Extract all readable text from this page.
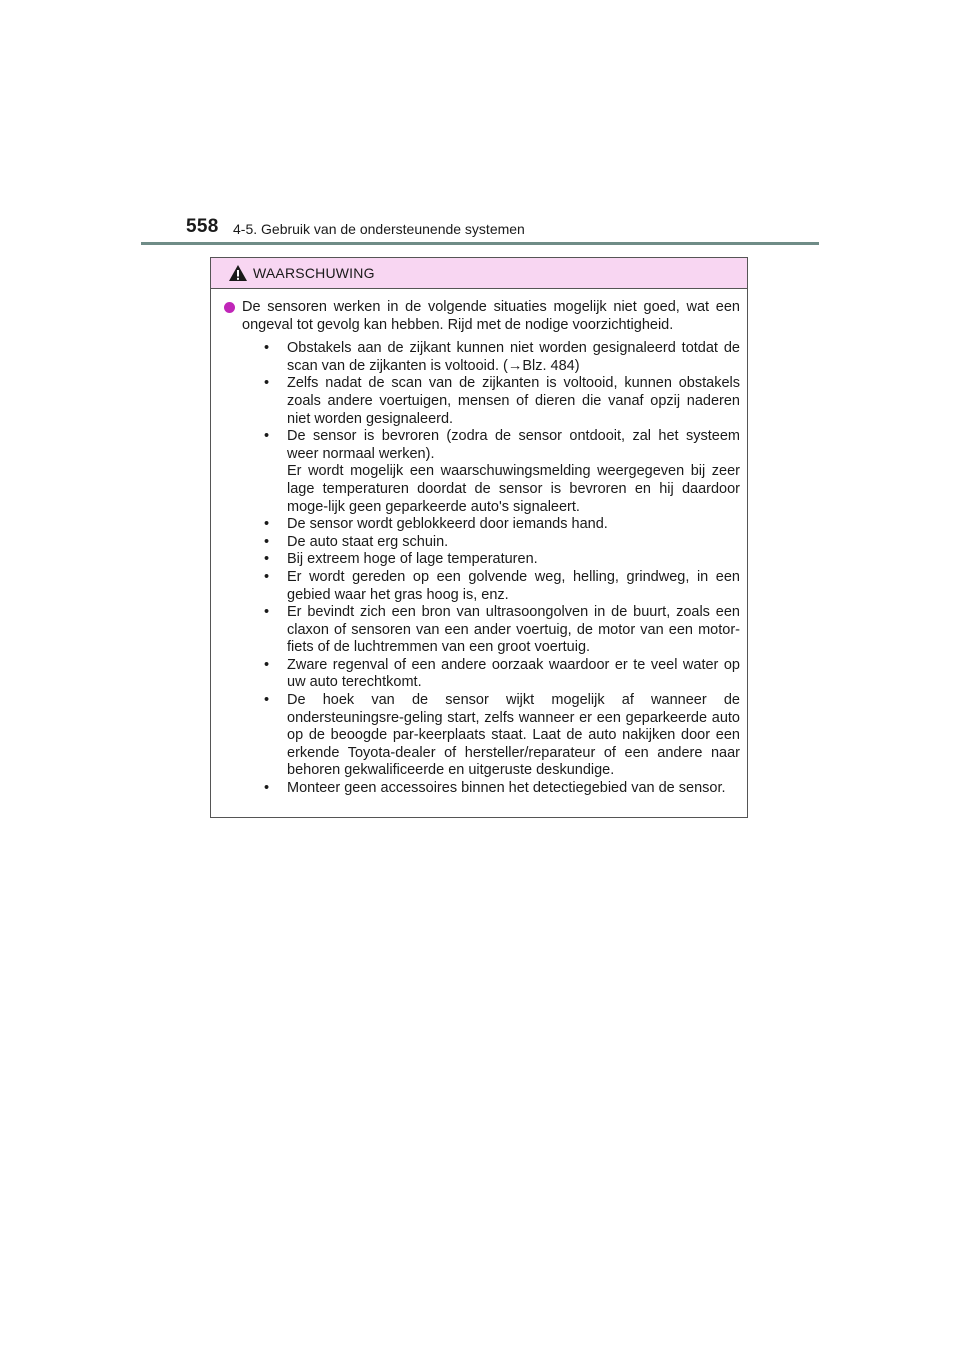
558 4-5. Gebruik van de ondersteunende systemen
WAARSCHUWING
De sensoren werken in de volgende situaties mogelijk niet goed, wat een ongeval tot gevolg kan hebben. Rijd met de nodige voorzichtigheid.
• Obstakels aan de zijkant kunnen niet worden gesignaleerd totdat de scan van de zijkanten is voltooid. (→Blz. 484)
• Zelfs nadat de scan van de zijkanten is voltooid, kunnen obstakels zoals andere voertuigen, mensen of dieren die vanaf opzij naderen niet worden gesignaleerd.
• De sensor is bevroren (zodra de sensor ontdooit, zal het systeem weer normaal werken).
Er wordt mogelijk een waarschuwingsmelding weergegeven bij zeer lage temperaturen doordat de sensor is bevroren en hij daardoor moge-lijk geen geparkeerde auto's signaleert.
• De sensor wordt geblokkeerd door iemands hand.
• De auto staat erg schuin.
• Bij extreem hoge of lage temperaturen.
• Er wordt gereden op een golvende weg, helling, grindweg, in een gebied waar het gras hoog is, enz.
• Er bevindt zich een bron van ultrasoongolven in de buurt, zoals een claxon of sensoren van een ander voertuig, de motor van een motor-fiets of de luchtremmen van een groot voertuig.
• Zware regenval of een andere oorzaak waardoor er te veel water op uw auto terechtkomt.
• De hoek van de sensor wijkt mogelijk af wanneer de ondersteuningsre-geling start, zelfs wanneer er een geparkeerde auto op de beoogde par-keerplaats staat. Laat de auto nakijken door een erkende Toyota-dealer of hersteller/reparateur of een andere naar behoren gekwalificeerde en uitgeruste deskundige.
• Monteer geen accessoires binnen het detectiegebied van de sensor.
